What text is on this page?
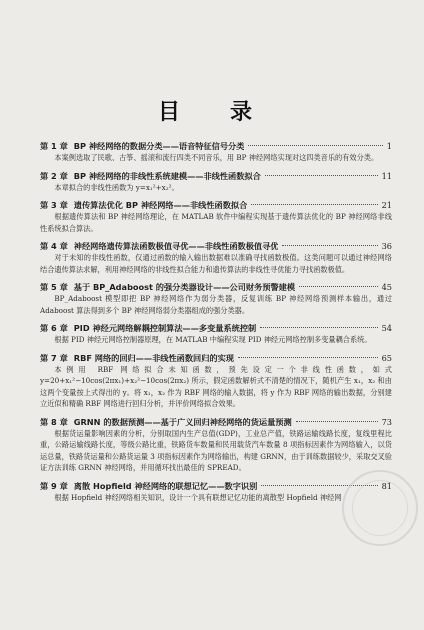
目　录
第 1 章 BP 神经网络的数据分类——语音特征信号分类	1
本案例选取了民歌、古筝、摇滚和流行四类不同音乐，用 BP 神经网络实现对这四类音乐的有效分类。
第 2 章 BP 神经网络的非线性系统建模——非线性函数拟合	11
本章拟合的非线性函数为 y=x₁²+x₂²。
第 3 章 遗传算法优化 BP 神经网络——非线性函数拟合	21
根据遗传算法和 BP 神经网络理论，在 MATLAB 软件中编程实现基于遗传算法优化的 BP 神经网络非线性系统拟合算法。
第 4 章 神经网络遗传算法函数极值寻优——非线性函数极值寻优	36
对于未知的非线性函数，仅通过函数的输入输出数据难以准确寻找函数极值。这类问题可以通过神经网络结合遗传算法求解，利用神经网络的非线性拟合能力和遗传算法的非线性寻优能力寻找函数极值。
第 5 章 基于 BP_Adaboost 的强分类器设计——公司财务预警建模	45
BP_Adaboost 模型即把 BP 神经网络作为弱分类器，反复训练 BP 神经网络预测样本输出，通过 Adaboost 算法得到多个 BP 神经网络弱分类器组成的强分类器。
第 6 章 PID 神经元网络解耦控制算法——多变量系统控制	54
根据 PID 神经元网络控制器原理，在 MATLAB 中编程实现 PID 神经元网络控制多变量耦合系统。
第 7 章 RBF 网络的回归——非线性函数回归的实现	65
本例用 RBF 网络拟合未知函数，预先设定一个非线性函数，如式 y=20+x₁²−10cos(2πx₁)+x₂²−10cos(2πx₂) 所示，假定函数解析式不清楚的情况下，随机产生 x₁，x₂ 和由这两个变量按上式得出的 y。将 x₁，x₂ 作为 RBF 网络的输入数据，将 y 作为 RBF 网络的输出数据，分别建立近似和精确 RBF 网络进行回归分析，并评价网络拟合效果。
第 8 章 GRNN 的数据预测——基于广义回归神经网络的货运量预测	73
根据货运量影响因素的分析，分别取国内生产总值(GDP)，工业总产值，铁路运输线路长度，复线里程比重，公路运输线路长度，等级公路比重，铁路货车数量和民用载货汽车数量 8 项指标因素作为网络输入，以货运总量，铁路货运量和公路货运量 3 项指标因素作为网络输出，构建 GRNN，由于训练数据较少，采取交叉验证方法训练 GRNN 神经网络，并用循环找出最佳的 SPREAD。
第 9 章 离散 Hopfield 神经网络的联想记忆——数字识别	81
根据 Hopfield 神经网络相关知识，设计一个具有联想记忆功能的离散型 Hopfield 神经网
